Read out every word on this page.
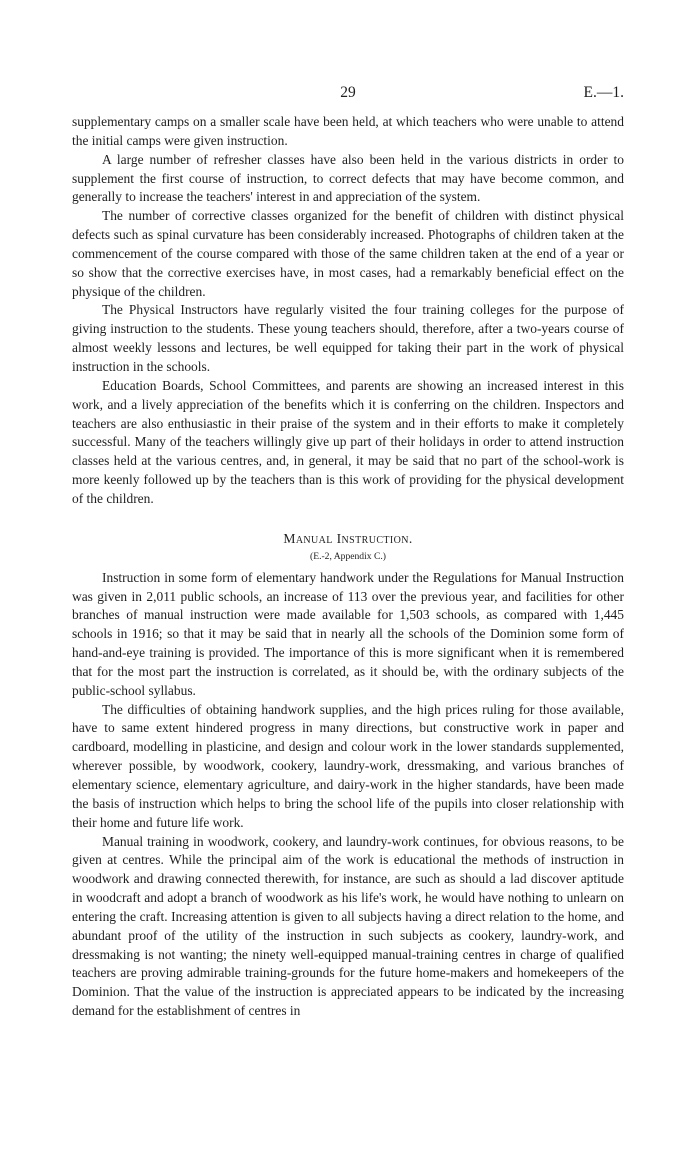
29	E.—1.

supplementary camps on a smaller scale have been held, at which teachers who were unable to attend the initial camps were given instruction.

A large number of refresher classes have also been held in the various districts in order to supplement the first course of instruction, to correct defects that may have become common, and generally to increase the teachers' interest in and appreciation of the system.

The number of corrective classes organized for the benefit of children with distinct physical defects such as spinal curvature has been considerably increased. Photographs of children taken at the commencement of the course compared with those of the same children taken at the end of a year or so show that the corrective exercises have, in most cases, had a remarkably beneficial effect on the physique of the children.

The Physical Instructors have regularly visited the four training colleges for the purpose of giving instruction to the students. These young teachers should, therefore, after a two-years course of almost weekly lessons and lectures, be well equipped for taking their part in the work of physical instruction in the schools.

Education Boards, School Committees, and parents are showing an increased interest in this work, and a lively appreciation of the benefits which it is conferring on the children. Inspectors and teachers are also enthusiastic in their praise of the system and in their efforts to make it completely successful. Many of the teachers willingly give up part of their holidays in order to attend instruction classes held at the various centres, and, in general, it may be said that no part of the school-work is more keenly followed up by the teachers than is this work of providing for the physical development of the children.

Manual Instruction.
(E.-2, Appendix C.)

Instruction in some form of elementary handwork under the Regulations for Manual Instruction was given in 2,011 public schools, an increase of 113 over the previous year, and facilities for other branches of manual instruction were made available for 1,503 schools, as compared with 1,445 schools in 1916; so that it may be said that in nearly all the schools of the Dominion some form of hand-and-eye training is provided. The importance of this is more significant when it is remembered that for the most part the instruction is correlated, as it should be, with the ordinary subjects of the public-school syllabus.

The difficulties of obtaining handwork supplies, and the high prices ruling for those available, have to same extent hindered progress in many directions, but constructive work in paper and cardboard, modelling in plasticine, and design and colour work in the lower standards supplemented, wherever possible, by woodwork, cookery, laundry-work, dressmaking, and various branches of elementary science, elementary agriculture, and dairy-work in the higher standards, have been made the basis of instruction which helps to bring the school life of the pupils into closer relationship with their home and future life work.

Manual training in woodwork, cookery, and laundry-work continues, for obvious reasons, to be given at centres. While the principal aim of the work is educational the methods of instruction in woodwork and drawing connected therewith, for instance, are such as should a lad discover aptitude in woodcraft and adopt a branch of woodwork as his life's work, he would have nothing to unlearn on entering the craft. Increasing attention is given to all subjects having a direct relation to the home, and abundant proof of the utility of the instruction in such subjects as cookery, laundry-work, and dressmaking is not wanting; the ninety well-equipped manual-training centres in charge of qualified teachers are proving admirable training-grounds for the future home-makers and homekeepers of the Dominion. That the value of the instruction is appreciated appears to be indicated by the increasing demand for the establishment of centres in
